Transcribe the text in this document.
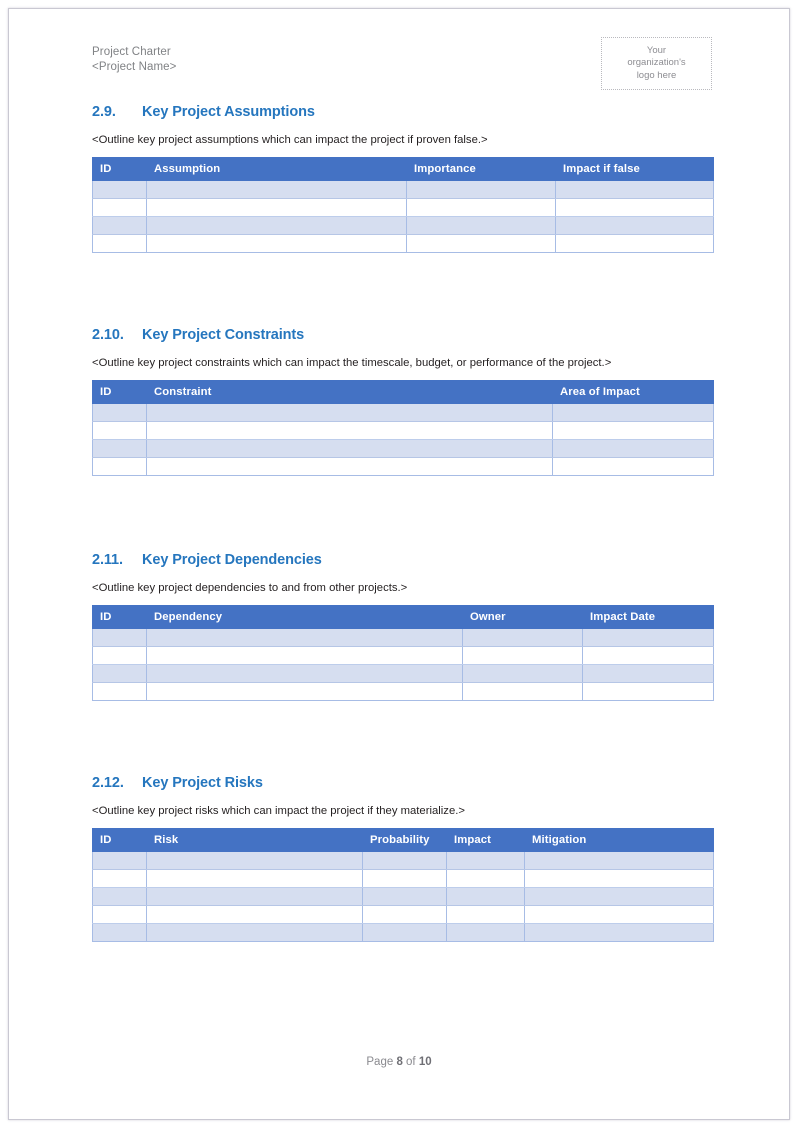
Project Charter
<Project Name>
Your
organization's
logo here
2.9.	Key Project Assumptions

<Outline key project assumptions which can impact the project if proven false.>

ID	Assumption	Importance	Impact if false

2.10.	Key Project Constraints

<Outline key project constraints which can impact the timescale, budget, or performance of the project.>

ID	Constraint	Area of Impact

2.11.	Key Project Dependencies

<Outline key project dependencies to and from other projects.>

ID	Dependency	Owner	Impact Date

2.12.	Key Project Risks

<Outline key project risks which can impact the project if they materialize.>

ID	Risk	Probability	Impact	Mitigation

Page 8 of 10
